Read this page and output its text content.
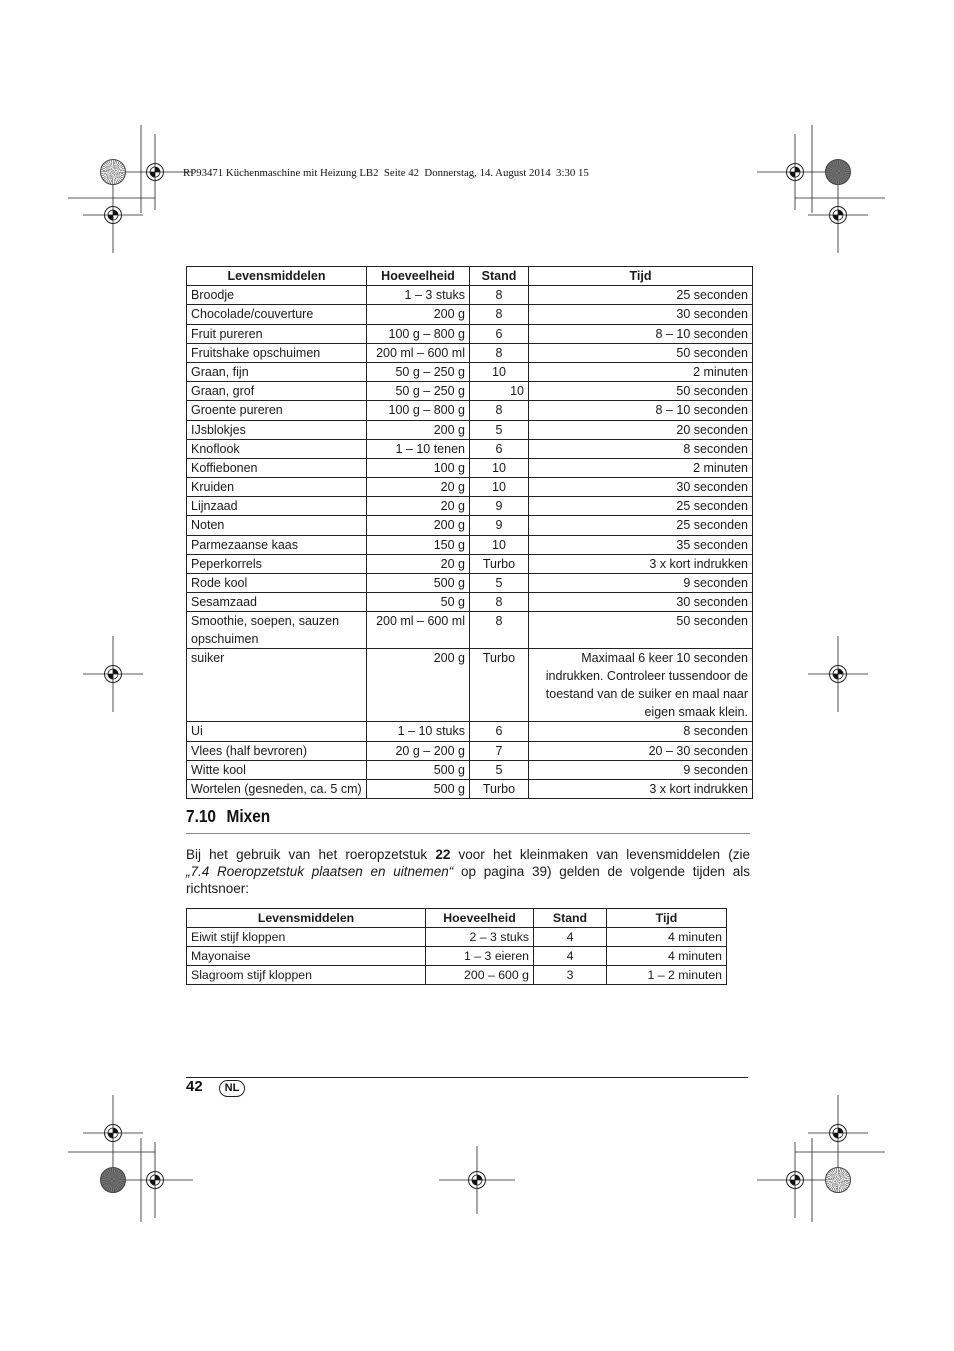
RP93471 Küchenmaschine mit Heizung LB2  Seite 42  Donnerstag, 14. August 2014  3:30 15
Levensmiddelen	Hoeveelheid	Stand	Tijd
Broodje	1 – 3 stuks	8	25 seconden
Chocolade/couverture	200 g	8	30 seconden
Fruit pureren	100 g – 800 g	6	8 – 10 seconden
Fruitshake opschuimen	200 ml – 600 ml	8	50 seconden
Graan, fijn	50 g – 250 g	10	2 minuten
Graan, grof	50 g – 250 g	10	50 seconden
Groente pureren	100 g – 800 g	8	8 – 10 seconden
IJsblokjes	200 g	5	20 seconden
Knoflook	1 – 10 tenen	6	8 seconden
Koffiebonen	100 g	10	2 minuten
Kruiden	20 g	10	30 seconden
Lijnzaad	20 g	9	25 seconden
Noten	200 g	9	25 seconden
Parmezaanse kaas	150 g	10	35 seconden
Peperkorrels	20 g	Turbo	3 x kort indrukken
Rode kool	500 g	5	9 seconden
Sesamzaad	50 g	8	30 seconden
Smoothie, soepen, sauzen opschuimen	200 ml – 600 ml	8	50 seconden
suiker	200 g	Turbo	Maximaal 6 keer 10 seconden indrukken. Controleer tussendoor de toestand van de suiker en maal naar eigen smaak klein.
Ui	1 – 10 stuks	6	8 seconden
Vlees (half bevroren)	20 g – 200 g	7	20 – 30 seconden
Witte kool	500 g	5	9 seconden
Wortelen (gesneden, ca. 5 cm)	500 g	Turbo	3 x kort indrukken
7.10 Mixen
Bij het gebruik van het roeropzetstuk 22 voor het kleinmaken van levensmiddelen (zie
„7.4 Roeropzetstuk plaatsen en uitnemen“ op pagina 39) gelden de volgende tijden als richtsnoer:
Levensmiddelen	Hoeveelheid	Stand	Tijd
Eiwit stijf kloppen	2 – 3 stuks	4	4 minuten
Mayonaise	1 – 3 eieren	4	4 minuten
Slagroom stijf kloppen	200 – 600 g	3	1 – 2 minuten
42	NL
